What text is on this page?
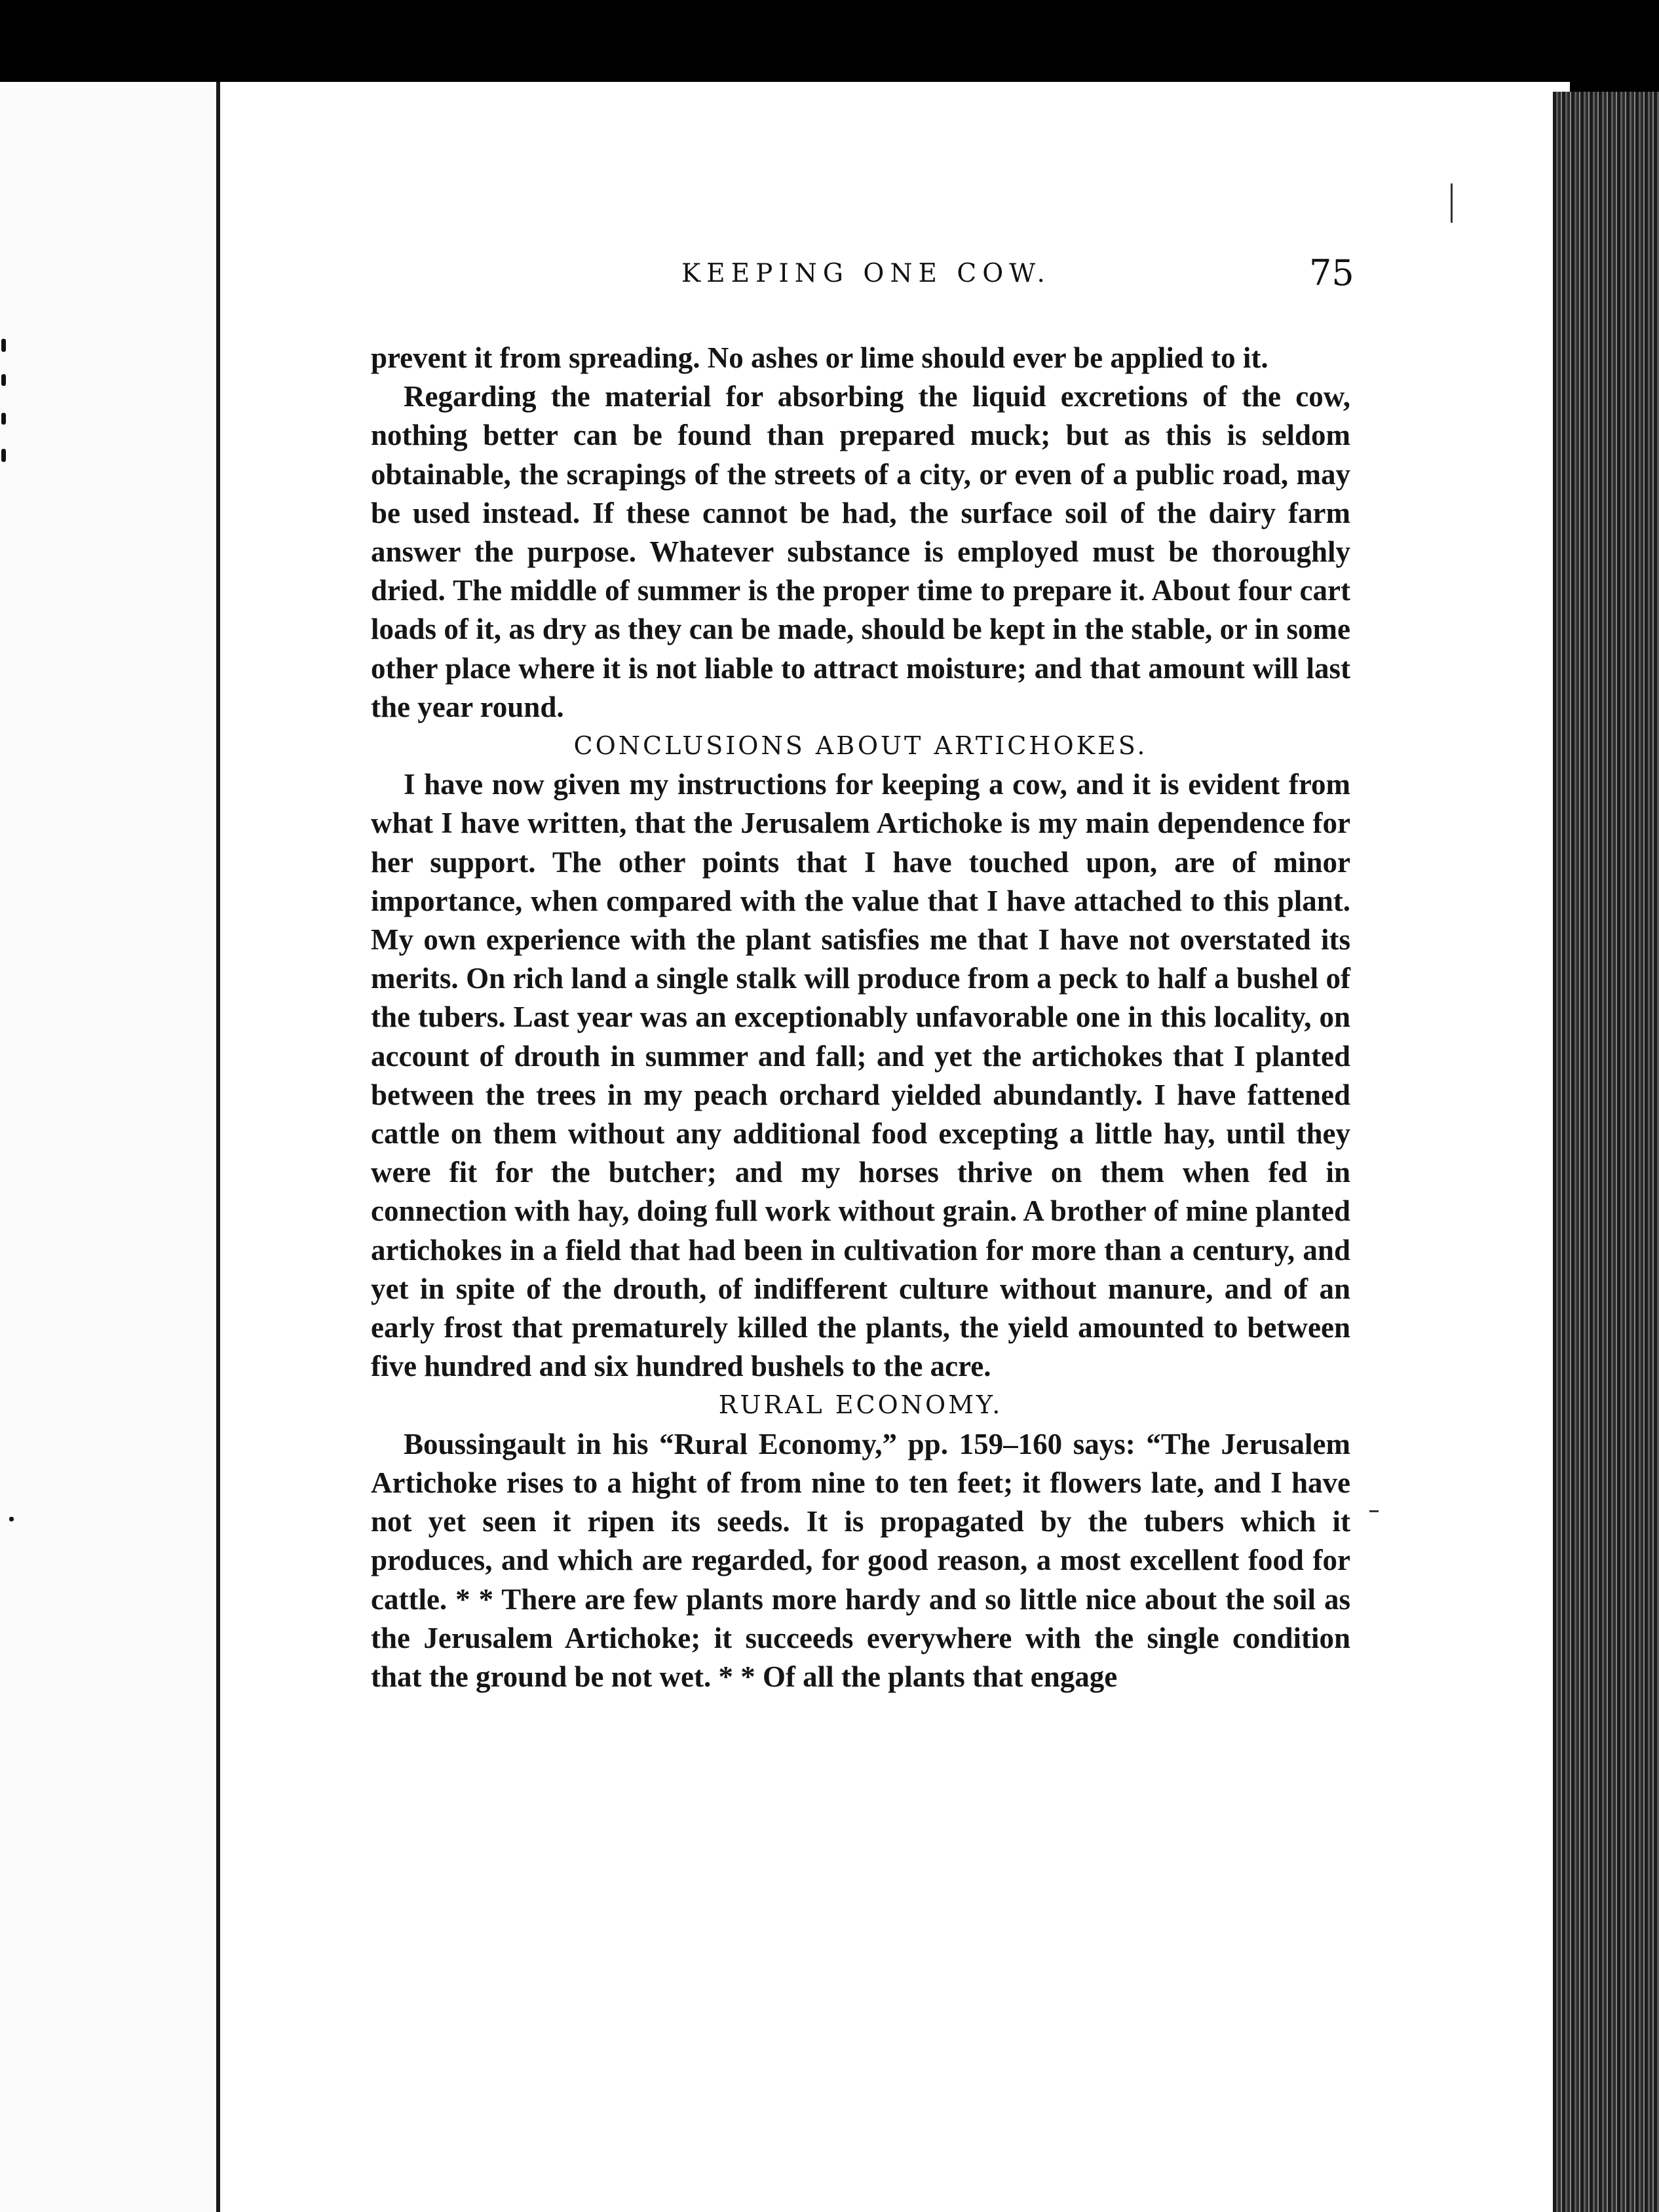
KEEPING ONE COW.	75

prevent it from spreading. No ashes or lime should ever be applied to it.

Regarding the material for absorbing the liquid excretions of the cow, nothing better can be found than prepared muck; but as this is seldom obtainable, the scrapings of the streets of a city, or even of a public road, may be used instead. If these cannot be had, the surface soil of the dairy farm answer the purpose. Whatever substance is employed must be thoroughly dried. The middle of summer is the proper time to prepare it. About four cart loads of it, as dry as they can be made, should be kept in the stable, or in some other place where it is not liable to attract moisture; and that amount will last the year round.

CONCLUSIONS ABOUT ARTICHOKES.

I have now given my instructions for keeping a cow, and it is evident from what I have written, that the Jerusalem Artichoke is my main dependence for her support. The other points that I have touched upon, are of minor importance, when compared with the value that I have attached to this plant. My own experience with the plant satisfies me that I have not overstated its merits. On rich land a single stalk will produce from a peck to half a bushel of the tubers. Last year was an exceptionably unfavorable one in this locality, on account of drouth in summer and fall; and yet the artichokes that I planted between the trees in my peach orchard yielded abundantly. I have fattened cattle on them without any additional food excepting a little hay, until they were fit for the butcher; and my horses thrive on them when fed in connection with hay, doing full work without grain. A brother of mine planted artichokes in a field that had been in cultivation for more than a century, and yet in spite of the drouth, of indifferent culture without manure, and of an early frost that prematurely killed the plants, the yield amounted to between five hundred and six hundred bushels to the acre.

RURAL ECONOMY.

Boussingault in his “Rural Economy,” pp. 159–160 says: “The Jerusalem Artichoke rises to a hight of from nine to ten feet; it flowers late, and I have not yet seen it ripen its seeds. It is propagated by the tubers which it produces, and which are regarded, for good reason, a most excellent food for cattle. * * There are few plants more hardy and so little nice about the soil as the Jerusalem Artichoke; it succeeds everywhere with the single condition that the ground be not wet. * * Of all the plants that engage
